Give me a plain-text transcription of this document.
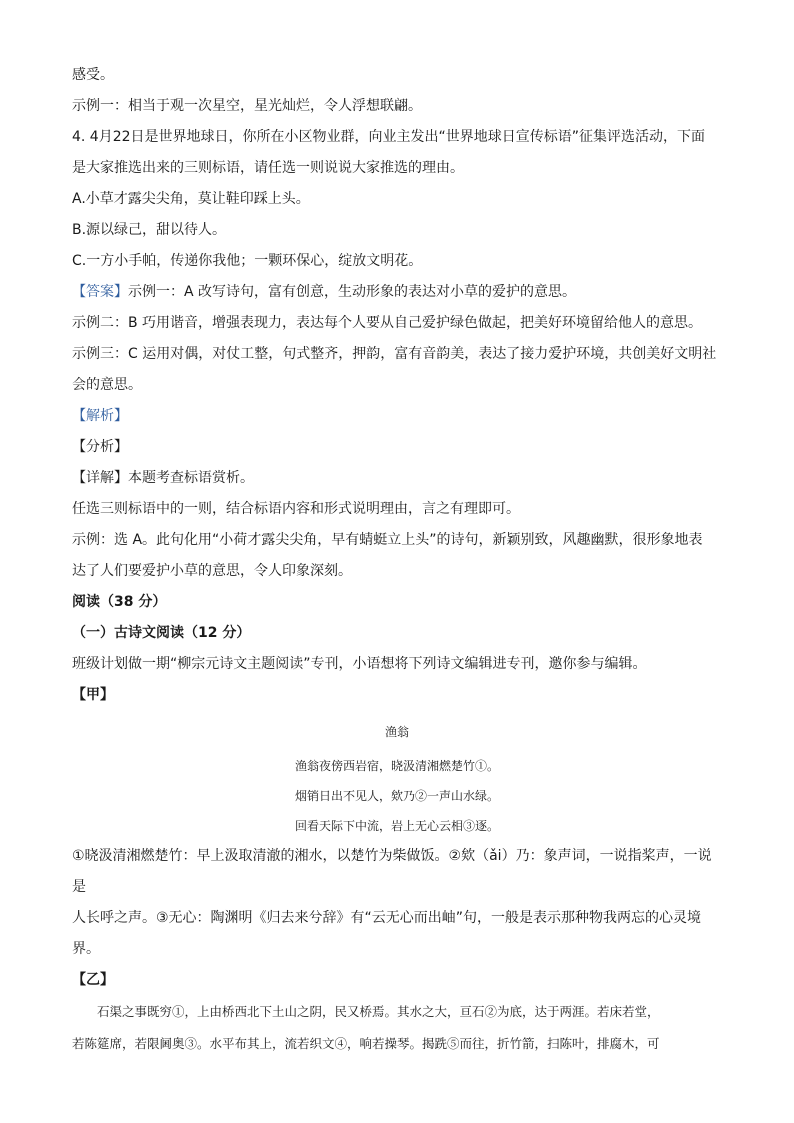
感受。

示例一：相当于观一次星空，星光灿烂，令人浮想联翩。

4. 4月22日是世界地球日，你所在小区物业群，向业主发出“世界地球日宣传标语”征集评选活动，下面

是大家推选出来的三则标语，请任选一则说说大家推选的理由。

A.小草才露尖尖角，莫让鞋印踩上头。

B.源以绿己，甜以待人。

C.一方小手帕，传递你我他；一颗环保心，绽放文明花。

【答案】示例一：A 改写诗句，富有创意，生动形象的表达对小草的爱护的意思。

示例二：B 巧用谐音，增强表现力，表达每个人要从自己爱护绿色做起，把美好环境留给他人的意思。

示例三：C 运用对偶，对仗工整，句式整齐，押韵，富有音韵美，表达了接力爱护环境，共创美好文明社

会的意思。

【解析】

【分析】

【详解】本题考查标语赏析。

任选三则标语中的一则，结合标语内容和形式说明理由，言之有理即可。

示例：选 A。此句化用“小荷才露尖尖角，早有蜻蜓立上头”的诗句，新颖别致，风趣幽默，很形象地表

达了人们要爱护小草的意思，令人印象深刻。

阅读（38 分）

（一）古诗文阅读（12 分）

班级计划做一期“柳宗元诗文主题阅读”专刊，小语想将下列诗文编辑进专刊，邀你参与编辑。

【甲】

渔翁

渔翁夜傍西岩宿，晓汲清湘燃楚竹①。

烟销日出不见人，欸乃②一声山水绿。

回看天际下中流，岩上无心云相③逐。

①晓汲清湘燃楚竹：早上汲取清澈的湘水，以楚竹为柴做饭。②欸（ǎi）乃：象声词，一说指桨声，一说是

人长呼之声。③无心：陶渊明《归去来兮辞》有“云无心而出岫”句，一般是表示那种物我两忘的心灵境

界。

【乙】

石渠之事既穷①，上由桥西北下土山之阴，民又桥焉。其水之大，亘石②为底，达于两涯。若床若堂，

若陈筵席，若限阃奥③。水平布其上，流若织文④，响若操琴。揭跣⑤而往，折竹箭，扫陈叶，排腐木，可
